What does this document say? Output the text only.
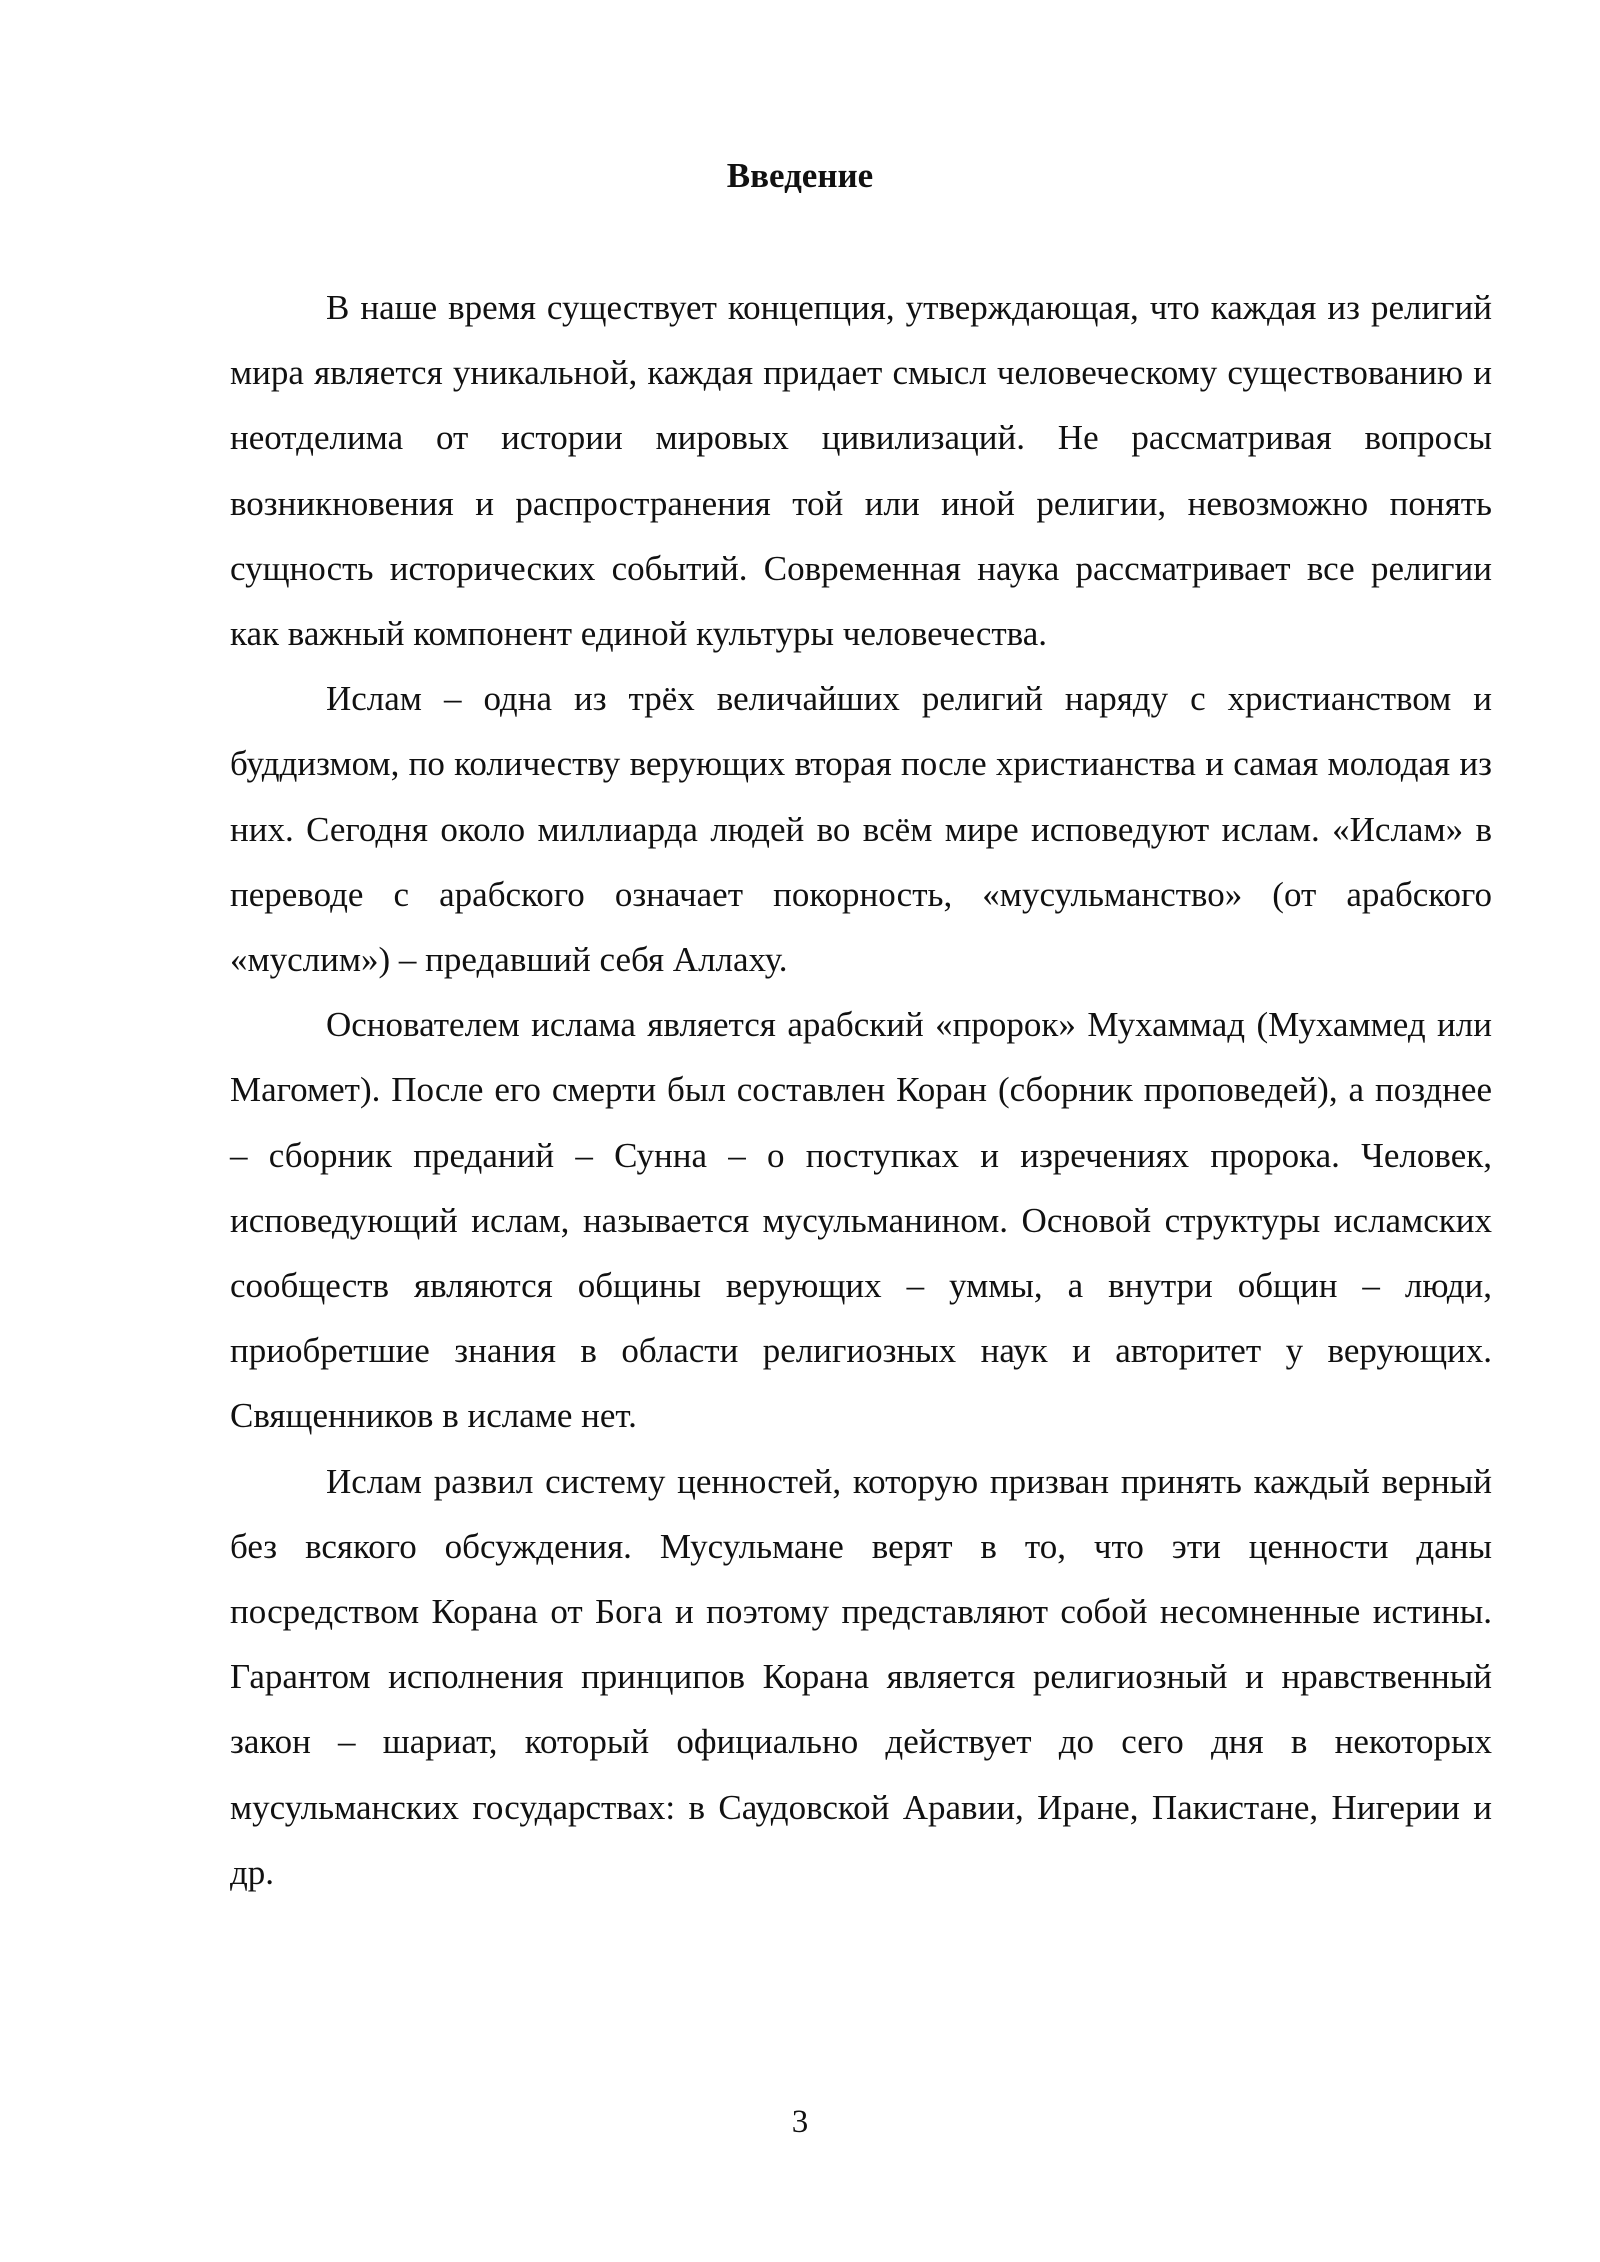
Введение

В наше время существует концепция, утверждающая, что каждая из религий мира является уникальной, каждая придает смысл человеческому существованию и неотделима от истории мировых цивилизаций. Не рассматривая вопросы возникновения и распространения той или иной религии, невозможно понять сущность исторических событий. Современная наука рассматривает все религии как важный компонент единой культуры человечества.

Ислам – одна из трёх величайших религий наряду с христианством и буддизмом, по количеству верующих вторая после христианства и самая молодая из них. Сегодня около миллиарда людей во всём мире исповедуют ислам. «Ислам» в переводе с арабского означает покорность, «мусульманство» (от арабского «муслим») – предавший себя Аллаху.

Основателем ислама является арабский «пророк» Мухаммад (Мухаммед или Магомет). После его смерти был составлен Коран (сборник проповедей), а позднее – сборник преданий – Сунна – о поступках и изречениях пророка. Человек, исповедующий ислам, называется мусульманином. Основой структуры исламских сообществ являются общины верующих – уммы, а внутри общин – люди, приобретшие знания в области религиозных наук и авторитет у верующих. Священников в исламе нет.

Ислам развил систему ценностей, которую призван принять каждый верный без всякого обсуждения. Мусульмане верят в то, что эти ценности даны посредством Корана от Бога и поэтому представляют собой несомненные истины. Гарантом исполнения принципов Корана является религиозный и нравственный закон – шариат, который официально действует до сего дня в некоторых мусульманских государствах: в Саудовской Аравии, Иране, Пакистане, Нигерии и др.

3
